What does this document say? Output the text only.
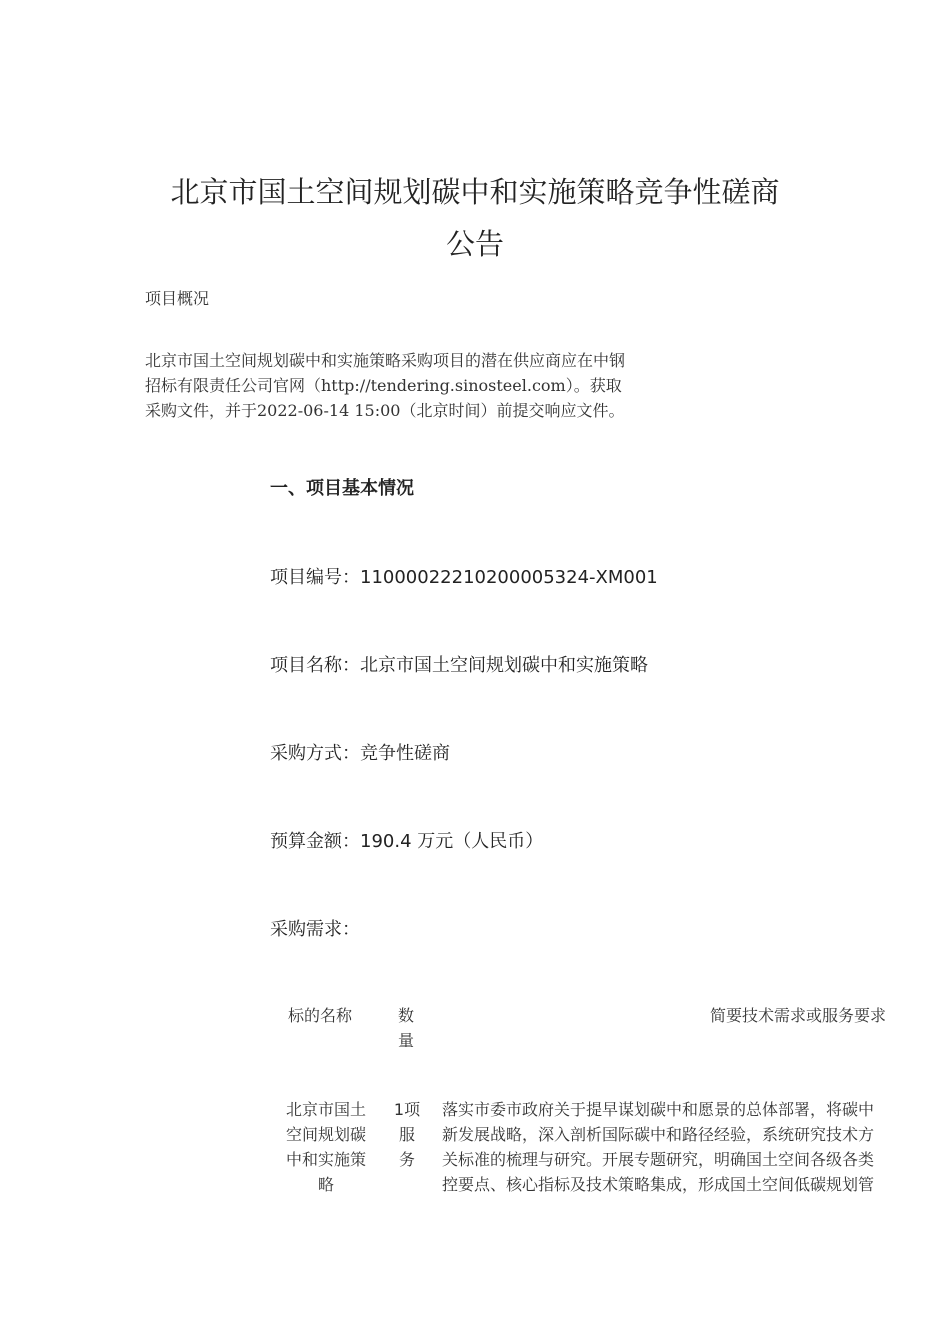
北京市国土空间规划碳中和实施策略竞争性磋商
公告
项目概况
北京市国土空间规划碳中和实施策略采购项目的潜在供应商应在中钢
招标有限责任公司官网（http://tendering.sinosteel.com）。获取
采购文件，并于2022-06-14 15:00（北京时间）前提交响应文件。
一、项目基本情况
项目编号：11000022210200005324-XM001
项目名称：北京市国土空间规划碳中和实施策略
采购方式：竞争性磋商
预算金额：190.4 万元（人民币）
采购需求：
标的名称	数
量
简要技术需求或服务要求
北京市国土
空间规划碳
中和实施策
略
1项
服
务
落实市委市政府关于提早谋划碳中和愿景的总体部署，将碳中
新发展战略，深入剖析国际碳中和路径经验，系统研究技术方
关标准的梳理与研究。开展专题研究，明确国土空间各级各类
控要点、核心指标及技术策略集成，形成国土空间低碳规划管
